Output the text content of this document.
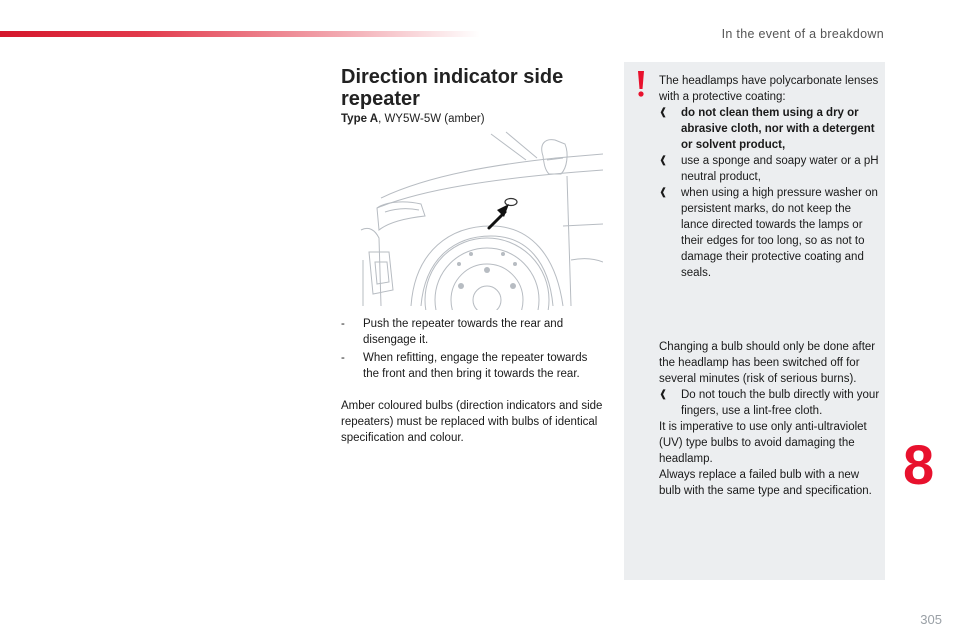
In the event of a breakdown
Direction indicator side repeater
Type A, WY5W-5W (amber)
- Push the repeater towards the rear and disengage it.
- When refitting, engage the repeater towards the front and then bring it towards the rear.

Amber coloured bulbs (direction indicators and side repeaters) must be replaced with bulbs of identical specification and colour.

The headlamps have polycarbonate lenses with a protective coating:

❰ do not clean them using a dry or abrasive cloth, nor with a detergent or solvent product,
❰ use a sponge and soapy water or a pH neutral product,
❰ when using a high pressure washer on persistent marks, do not keep the lance directed towards the lamps or their edges for too long, so as not to damage their protective coating and seals.

Changing a bulb should only be done after the headlamp has been switched off for several minutes (risk of serious burns).

❰ Do not touch the bulb directly with your fingers, use a lint-free cloth.

It is imperative to use only anti-ultraviolet (UV) type bulbs to avoid damaging the headlamp.

Always replace a failed bulb with a new bulb with the same type and specification. 8
305
